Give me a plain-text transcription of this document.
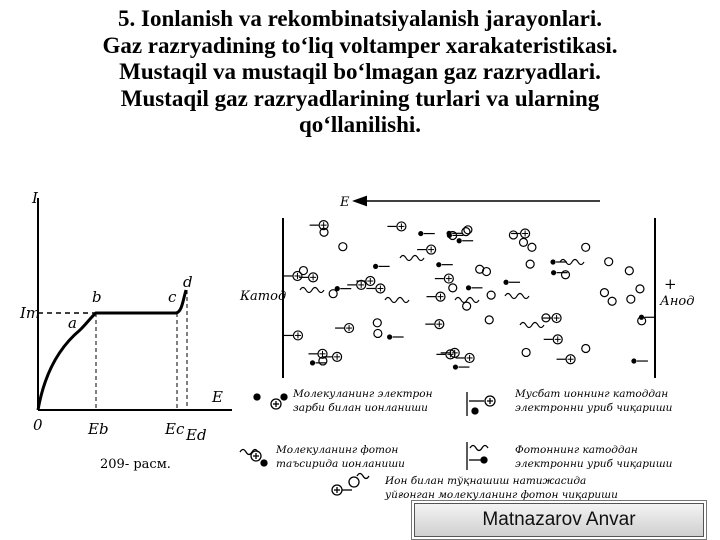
5. Ionlanish va rekombinatsiyalanish jarayonlari.
Gaz razryadining to‘liq voltamper xarakateristikasi.
Mustaqil va mustaqil bo‘lmagan gaz razryadlari.
Mustaqil gaz razryadlarining turlari va ularning
qo‘llanilishi.
I
E
0
Im
a
b	c
d
Eb	Ec Ed
209- расм.
E
Катод	Анод
+
Молекуланинг электрон зарби билан ионланиши
Мусбат ионнинг катоддан электронни уриб чиқариши
Молекуланинг фотон таъсирида ионланиши
Фотоннинг катоддан электронни уриб чиқариши
Ион билан тўқнашиш натижасида уйғонган молекуланинг фотон чиқариши
Matnazarov Anvar
